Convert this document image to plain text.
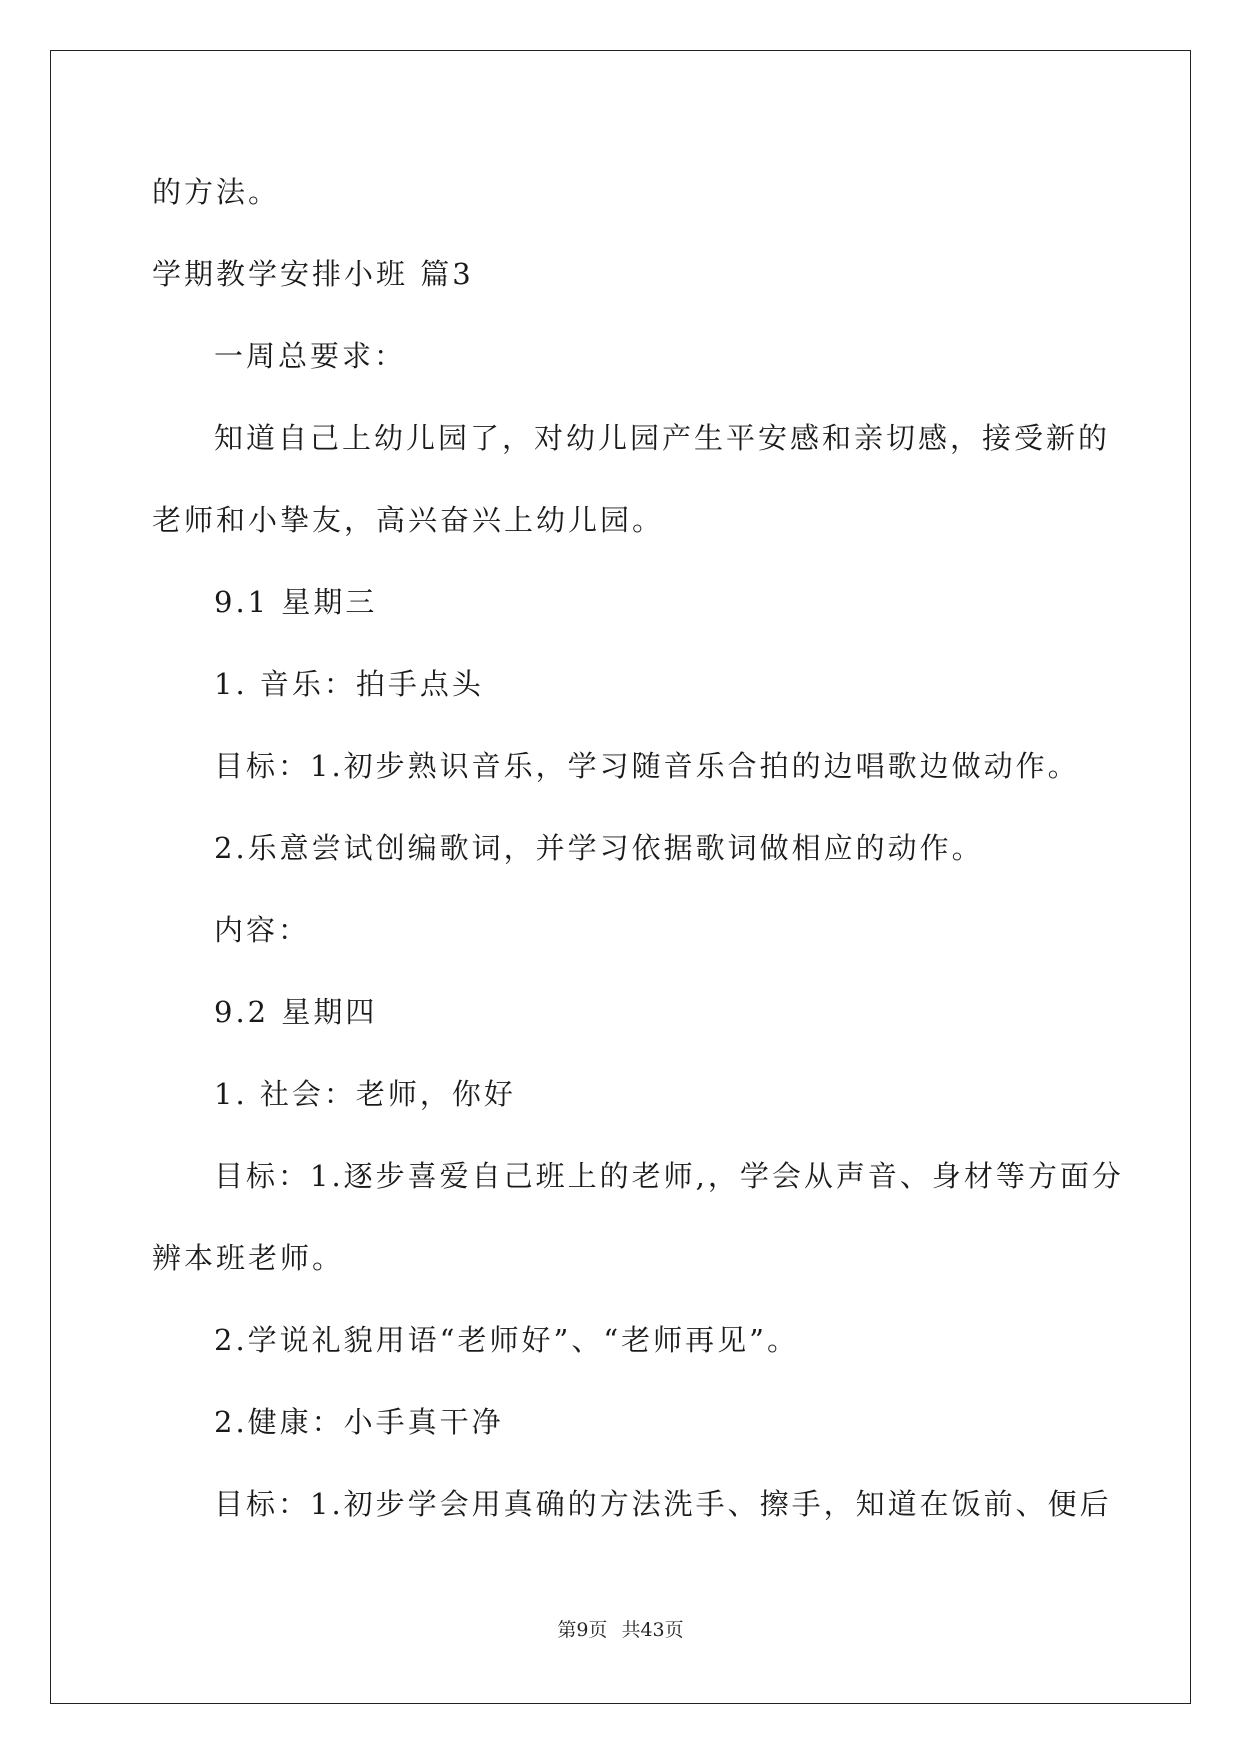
的方法。
学期教学安排小班 篇3
一周总要求：
知道自己上幼儿园了，对幼儿园产生平安感和亲切感，接受新的
老师和小挚友，高兴奋兴上幼儿园。
9.1 星期三
1. 音乐：拍手点头
目标：1.初步熟识音乐，学习随音乐合拍的边唱歌边做动作。
2.乐意尝试创编歌词，并学习依据歌词做相应的动作。
内容：
9.2 星期四
1. 社会：老师，你好
目标：1.逐步喜爱自己班上的老师,，学会从声音、身材等方面分
辨本班老师。
2.学说礼貌用语“老师好”、“老师再见”。
2.健康：小手真干净
目标：1.初步学会用真确的方法洗手、擦手，知道在饭前、便后
第9页 共43页
